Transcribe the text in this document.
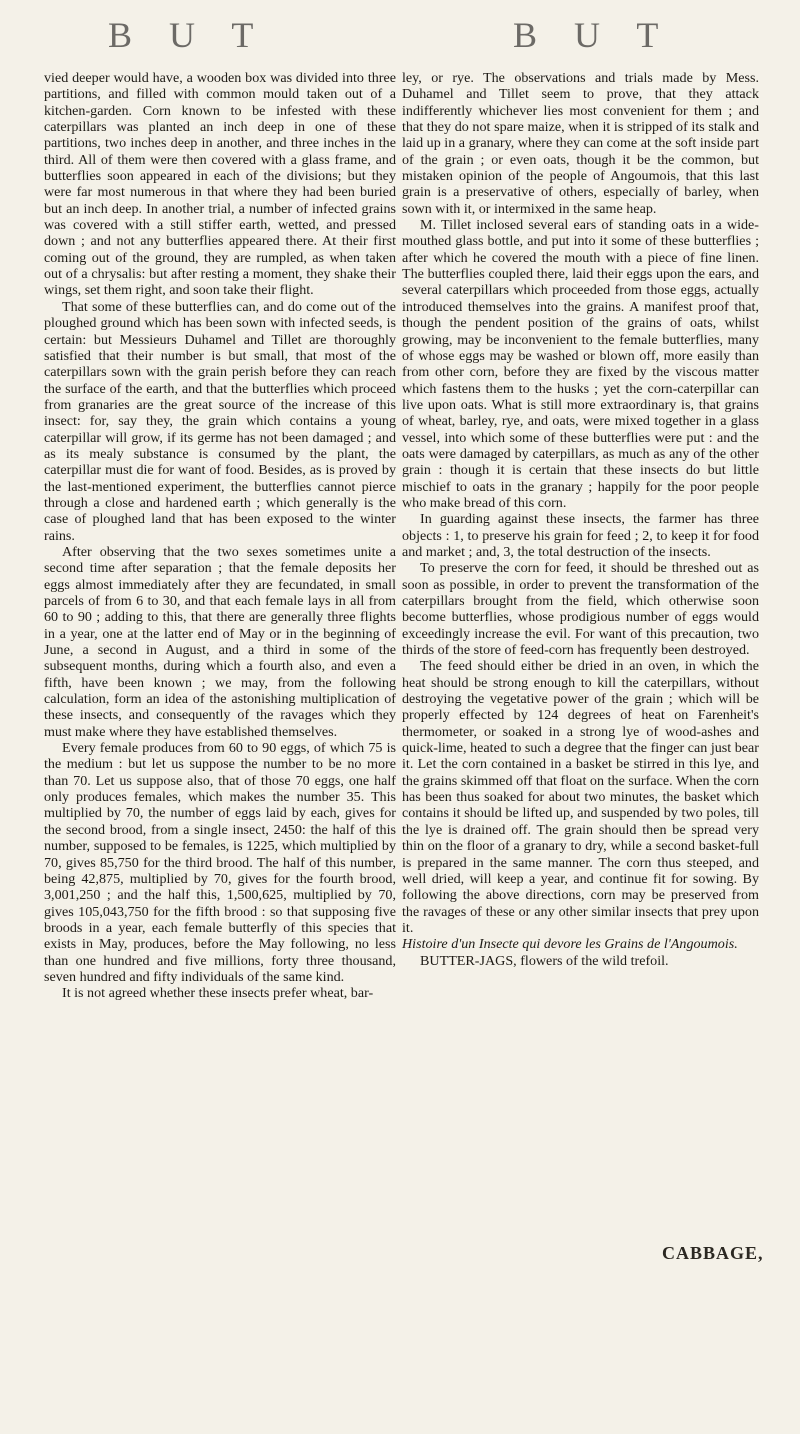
B U T	B U T

vied deeper would have, a wooden box was divided into three partitions, and filled with common mould taken out of a kitchen-garden. Corn known to be infested with these caterpillars was planted an inch deep in one of these partitions, two inches deep in another, and three inches in the third. All of them were then covered with a glass frame, and butterflies soon appeared in each of the divisions; but they were far most numerous in that where they had been buried but an inch deep. In another trial, a number of infected grains was covered with a still stiffer earth, wetted, and pressed down ; and not any butterflies appeared there. At their first coming out of the ground, they are rumpled, as when taken out of a chrysalis: but after resting a moment, they shake their wings, set them right, and soon take their flight.

That some of these butterflies can, and do come out of the ploughed ground which has been sown with infected seeds, is certain: but Messieurs Duhamel and Tillet are thoroughly satisfied that their number is but small, that most of the caterpillars sown with the grain perish before they can reach the surface of the earth, and that the butterflies which proceed from granaries are the great source of the increase of this insect: for, say they, the grain which contains a young caterpillar will grow, if its germe has not been damaged ; and as its mealy substance is consumed by the plant, the caterpillar must die for want of food. Besides, as is proved by the last-mentioned experiment, the butterflies cannot pierce through a close and hardened earth ; which generally is the case of ploughed land that has been exposed to the winter rains.

After observing that the two sexes sometimes unite a second time after separation ; that the female deposits her eggs almost immediately after they are fecundated, in small parcels of from 6 to 30, and that each female lays in all from 60 to 90 ; adding to this, that there are generally three flights in a year, one at the latter end of May or in the beginning of June, a second in August, and a third in some of the subsequent months, during which a fourth also, and even a fifth, have been known ; we may, from the following calculation, form an idea of the astonishing multiplication of these insects, and consequently of the ravages which they must make where they have established themselves.

Every female produces from 60 to 90 eggs, of which 75 is the medium : but let us suppose the number to be no more than 70. Let us suppose also, that of those 70 eggs, one half only produces females, which makes the number 35. This multiplied by 70, the number of eggs laid by each, gives for the second brood, from a single insect, 2450: the half of this number, supposed to be females, is 1225, which multiplied by 70, gives 85,750 for the third brood. The half of this number, being 42,875, multiplied by 70, gives for the fourth brood, 3,001,250 ; and the half this, 1,500,625, multiplied by 70, gives 105,043,750 for the fifth brood : so that supposing five broods in a year, each female butterfly of this species that exists in May, produces, before the May following, no less than one hundred and five millions, forty three thousand, seven hundred and fifty individuals of the same kind.

It is not agreed whether these insects prefer wheat, bar-

ley, or rye. The observations and trials made by Mess. Duhamel and Tillet seem to prove, that they attack indifferently whichever lies most convenient for them ; and that they do not spare maize, when it is stripped of its stalk and laid up in a granary, where they can come at the soft inside part of the grain ; or even oats, though it be the common, but mistaken opinion of the people of Angoumois, that this last grain is a preservative of others, especially of barley, when sown with it, or intermixed in the same heap.

M. Tillet inclosed several ears of standing oats in a wide-mouthed glass bottle, and put into it some of these butterflies ; after which he covered the mouth with a piece of fine linen. The butterflies coupled there, laid their eggs upon the ears, and several caterpillars which proceeded from those eggs, actually introduced themselves into the grains. A manifest proof that, though the pendent position of the grains of oats, whilst growing, may be inconvenient to the female butterflies, many of whose eggs may be washed or blown off, more easily than from other corn, before they are fixed by the viscous matter which fastens them to the husks ; yet the corn-caterpillar can live upon oats. What is still more extraordinary is, that grains of wheat, barley, rye, and oats, were mixed together in a glass vessel, into which some of these butterflies were put : and the oats were damaged by caterpillars, as much as any of the other grain : though it is certain that these insects do but little mischief to oats in the granary ; happily for the poor people who make bread of this corn.

In guarding against these insects, the farmer has three objects : 1, to preserve his grain for feed ; 2, to keep it for food and market ; and, 3, the total destruction of the insects.

To preserve the corn for feed, it should be threshed out as soon as possible, in order to prevent the transformation of the caterpillars brought from the field, which otherwise soon become butterflies, whose prodigious number of eggs would exceedingly increase the evil. For want of this precaution, two thirds of the store of feed-corn has frequently been destroyed.

The feed should either be dried in an oven, in which the heat should be strong enough to kill the caterpillars, without destroying the vegetative power of the grain ; which will be properly effected by 124 degrees of heat on Farenheit's thermometer, or soaked in a strong lye of wood-ashes and quick-lime, heated to such a degree that the finger can just bear it. Let the corn contained in a basket be stirred in this lye, and the grains skimmed off that float on the surface. When the corn has been thus soaked for about two minutes, the basket which contains it should be lifted up, and suspended by two poles, till the lye is drained off. The grain should then be spread very thin on the floor of a granary to dry, while a second basket-full is prepared in the same manner. The corn thus steeped, and well dried, will keep a year, and continue fit for sowing. By following the above directions, corn may be preserved from the ravages of these or any other similar insects that prey upon it.

Histoire d'un Insecte qui devore les Grains de l'Angoumois.

BUTTER-JAGS, flowers of the wild trefoil.

CABBAGE,
